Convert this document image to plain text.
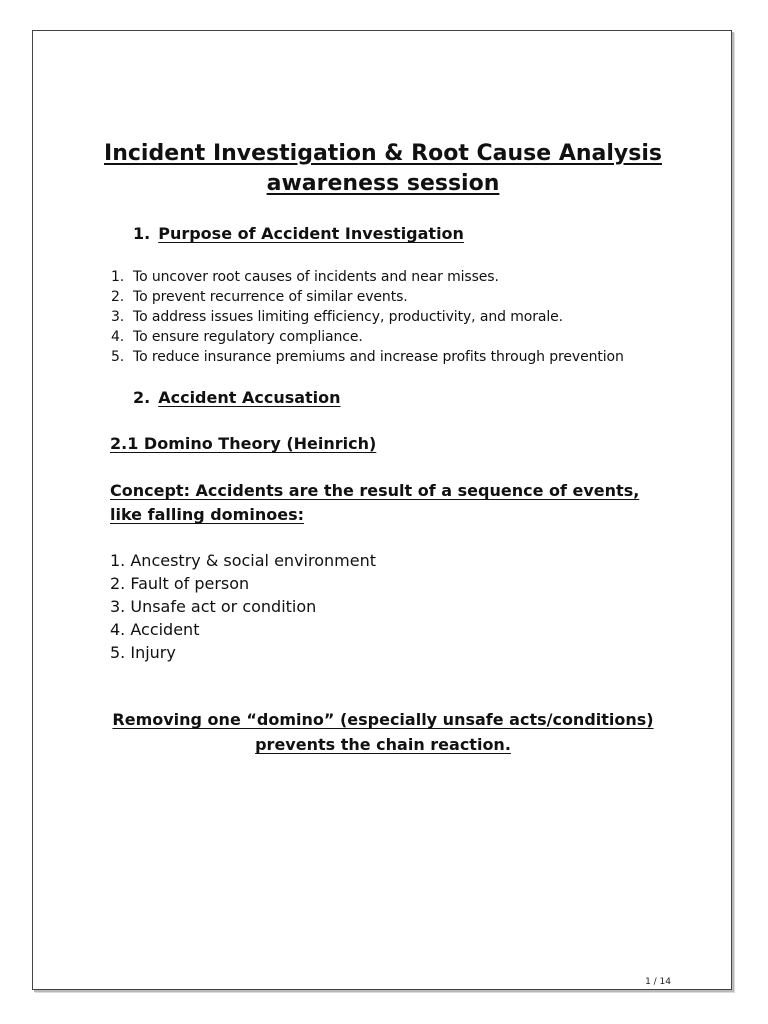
Incident Investigation & Root Cause Analysis
awareness session
1. Purpose of Accident Investigation
1. To uncover root causes of incidents and near misses.
2. To prevent recurrence of similar events.
3. To address issues limiting efficiency, productivity, and morale.
4. To ensure regulatory compliance.
5. To reduce insurance premiums and increase profits through prevention
2. Accident Accusation
2.1 Domino Theory (Heinrich)
Concept: Accidents are the result of a sequence of events, like falling dominoes:
1. Ancestry & social environment
2. Fault of person
3. Unsafe act or condition
4. Accident
5. Injury
Removing one “domino” (especially unsafe acts/conditions)
prevents the chain reaction.
1 / 14
